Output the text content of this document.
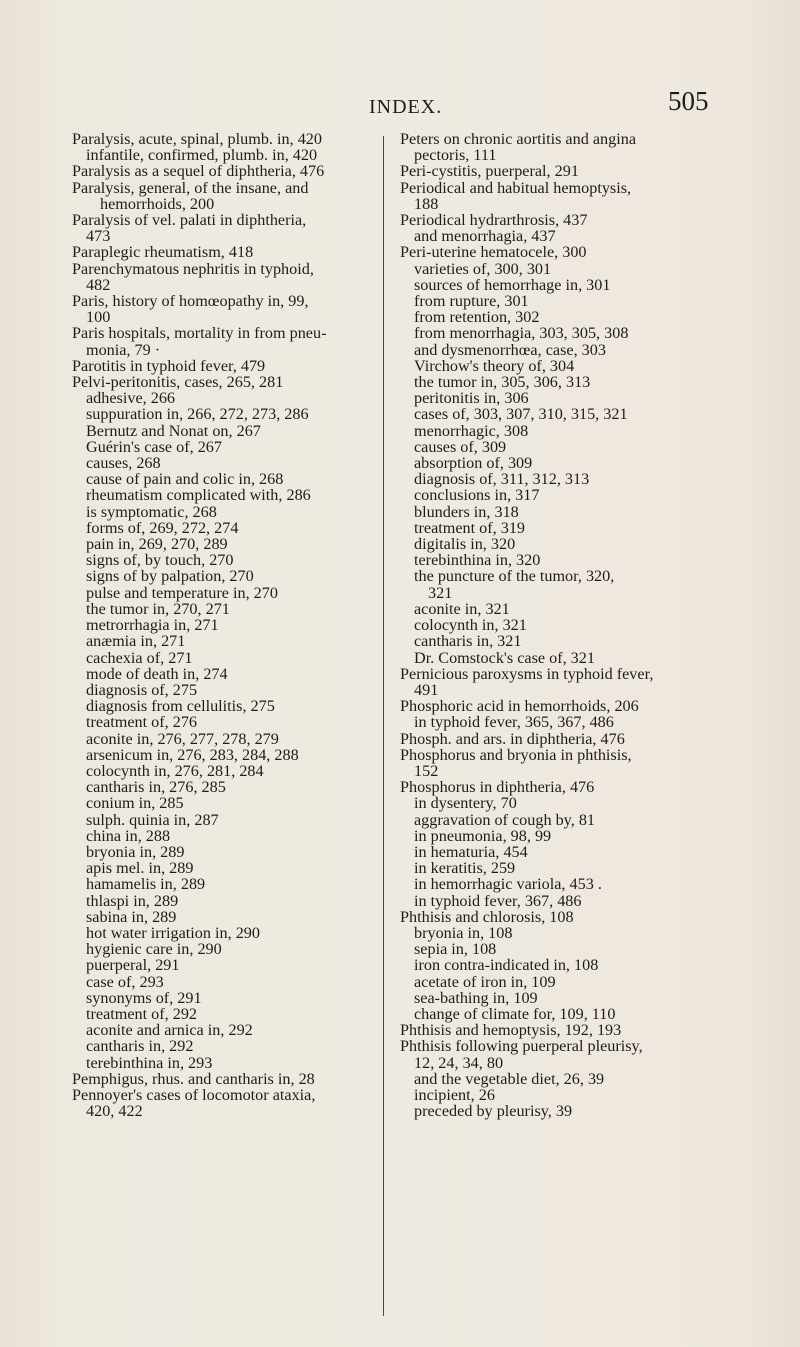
INDEX.	505
Paralysis, acute, spinal, plumb. in, 420
infantile, confirmed, plumb. in, 420
Paralysis as a sequel of diphtheria, 476
Paralysis, general, of the insane, and
hemorrhoids, 200
Paralysis of vel. palati in diphtheria,
473
Paraplegic rheumatism, 418
Parenchymatous nephritis in typhoid,
482
Paris, history of homœopathy in, 99,
100
Paris hospitals, mortality in from pneu-
monia, 79 ·
Parotitis in typhoid fever, 479
Pelvi-peritonitis, cases, 265, 281
adhesive, 266
suppuration in, 266, 272, 273, 286
Bernutz and Nonat on, 267
Guérin's case of, 267
causes, 268
cause of pain and colic in, 268
rheumatism complicated with, 286
is symptomatic, 268
forms of, 269, 272, 274
pain in, 269, 270, 289
signs of, by touch, 270
signs of by palpation, 270
pulse and temperature in, 270
the tumor in, 270, 271
metrorrhagia in, 271
anæmia in, 271
cachexia of, 271
mode of death in, 274
diagnosis of, 275
diagnosis from cellulitis, 275
treatment of, 276
aconite in, 276, 277, 278, 279
arsenicum in, 276, 283, 284, 288
colocynth in, 276, 281, 284
cantharis in, 276, 285
conium in, 285
sulph. quinia in, 287
china in, 288
bryonia in, 289
apis mel. in, 289
hamamelis in, 289
thlaspi in, 289
sabina in, 289
hot water irrigation in, 290
hygienic care in, 290
puerperal, 291
case of, 293
synonyms of, 291
treatment of, 292
aconite and arnica in, 292
cantharis in, 292
terebinthina in, 293
Pemphigus, rhus. and cantharis in, 28
Pennoyer's cases of locomotor ataxia,
420, 422
Peters on chronic aortitis and angina
pectoris, 111
Peri-cystitis, puerperal, 291
Periodical and habitual hemoptysis,
188
Periodical hydrarthrosis, 437
and menorrhagia, 437
Peri-uterine hematocele, 300
varieties of, 300, 301
sources of hemorrhage in, 301
from rupture, 301
from retention, 302
from menorrhagia, 303, 305, 308
and dysmenorrhœa, case, 303
Virchow's theory of, 304
the tumor in, 305, 306, 313
peritonitis in, 306
cases of, 303, 307, 310, 315, 321
menorrhagic, 308
causes of, 309
absorption of, 309
diagnosis of, 311, 312, 313
conclusions in, 317
blunders in, 318
treatment of, 319
digitalis in, 320
terebinthina in, 320
the puncture of the tumor, 320,
321
aconite in, 321
colocynth in, 321
cantharis in, 321
Dr. Comstock's case of, 321
Pernicious paroxysms in typhoid fever,
491
Phosphoric acid in hemorrhoids, 206
in typhoid fever, 365, 367, 486
Phosph. and ars. in diphtheria, 476
Phosphorus and bryonia in phthisis,
152
Phosphorus in diphtheria, 476
in dysentery, 70
aggravation of cough by, 81
in pneumonia, 98, 99
in hematuria, 454
in keratitis, 259
in hemorrhagic variola, 453 .
in typhoid fever, 367, 486
Phthisis and chlorosis, 108
bryonia in, 108
sepia in, 108
iron contra-indicated in, 108
acetate of iron in, 109
sea-bathing in, 109
change of climate for, 109, 110
Phthisis and hemoptysis, 192, 193
Phthisis following puerperal pleurisy,
12, 24, 34, 80
and the vegetable diet, 26, 39
incipient, 26
preceded by pleurisy, 39
